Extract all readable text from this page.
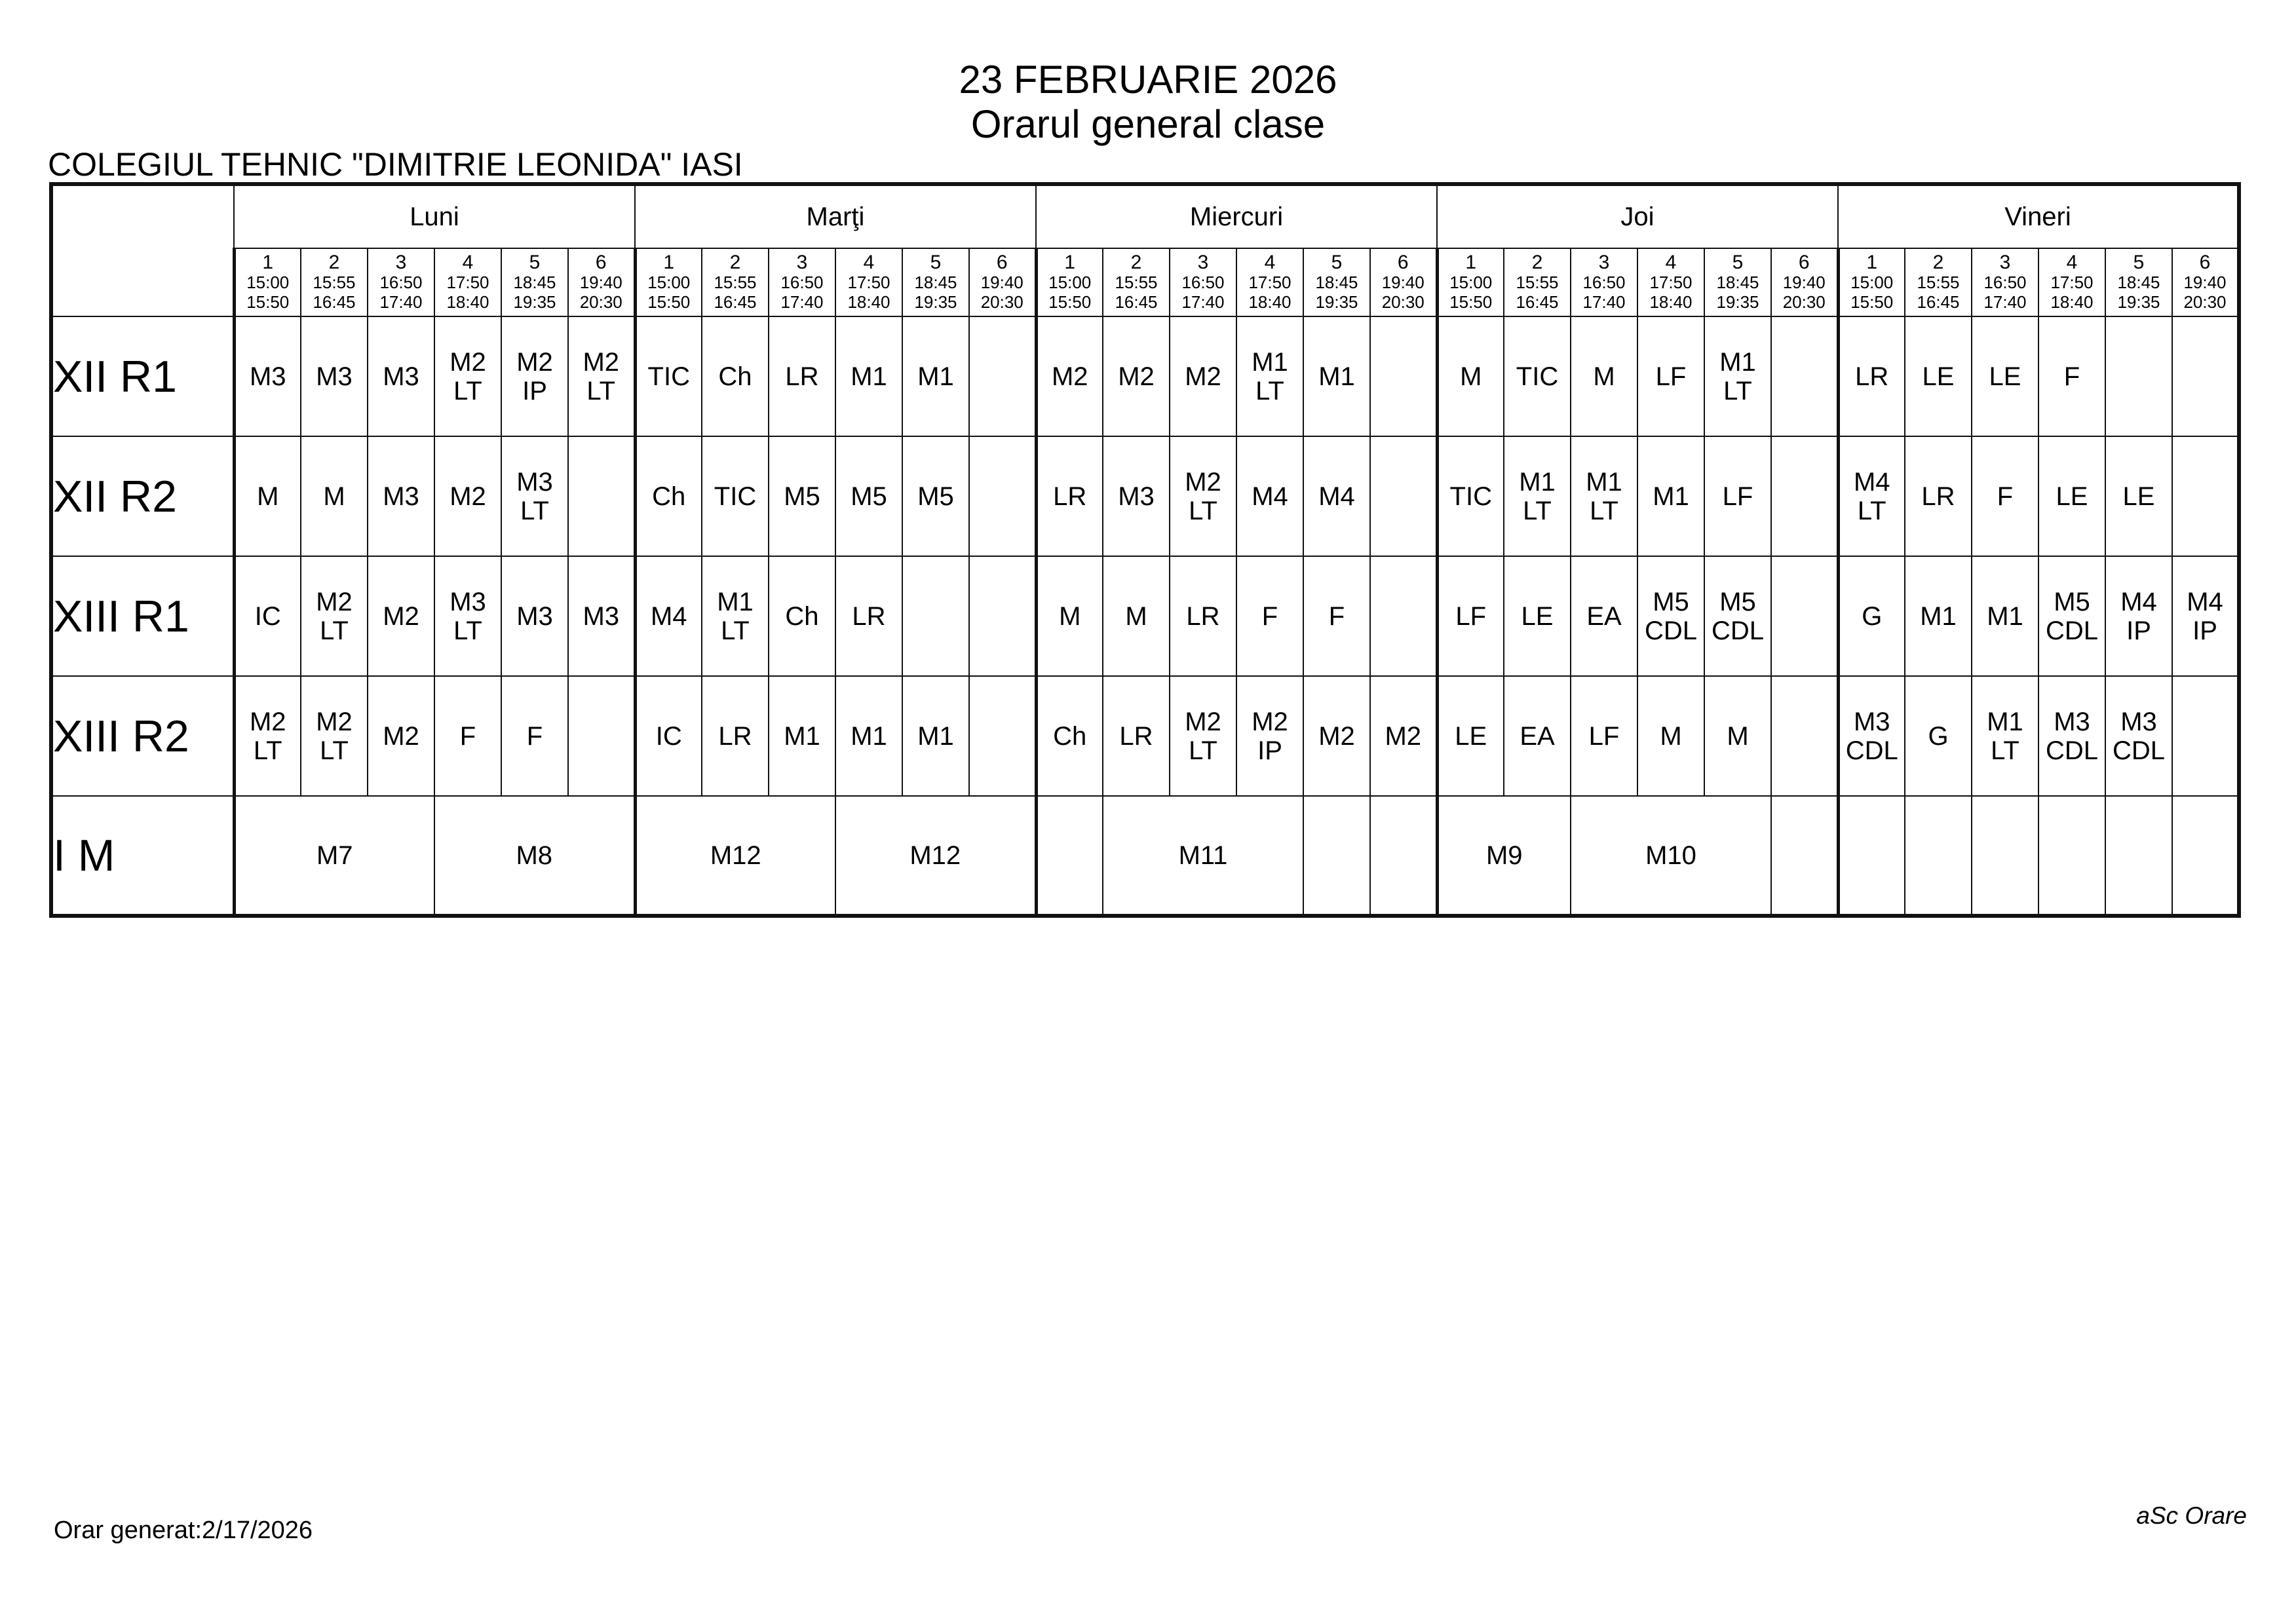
23 FEBRUARIE 2026
Orarul general clase
COLEGIUL TEHNIC "DIMITRIE LEONIDA" IASI
	Luni						Marţi						Miercuri						Joi						Vineri					

	1
15:00
15:50	2
15:55
16:45	3
16:50
17:40	4
17:50
18:40	5
18:45
19:35	6
19:40
20:30	1
15:00
15:50	2
15:55
16:45	3
16:50
17:40	4
17:50
18:40	5
18:45
19:35	6
19:40
20:30	1
15:00
15:50	2
15:55
16:45	3
16:50
17:40	4
17:50
18:40	5
18:45
19:35	6
19:40
20:30	1
15:00
15:50	2
15:55
16:45	3
16:50
17:40	4
17:50
18:40	5
18:45
19:35	6
19:40
20:30	1
15:00
15:50	2
15:55
16:45	3
16:50
17:40	4
17:50
18:40	5
18:45
19:35	6
19:40
20:30

XII R1	M3	M3	M3	M2
LT	M2
IP	M2
LT	TIC	Ch	LR	M1	M1		M2	M2	M2	M1
LT	M1		M	TIC	M	LF	M1
LT		LR	LE	LE	F		

XII R2	M	M	M3	M2	M3
LT		Ch	TIC	M5	M5	M5		LR	M3	M2
LT	M4	M4		TIC	M1
LT	M1
LT	M1	LF		M4
LT	LR	F	LE	LE	

XIII R1	IC	M2
LT	M2	M3
LT	M3	M3	M4	M1
LT	Ch	LR			M	M	LR	F	F		LF	LE	EA	M5
CDL	M5
CDL		G	M1	M1	M5
CDL	M4
IP	M4
IP

XIII R2	M2
LT	M2
LT	M2	F	F		IC	LR	M1	M1	M1		Ch	LR	M2
LT	M2
IP	M2	M2	LE	EA	LF	M	M		M3
CDL	G	M1
LT	M3
CDL	M3
CDL	

I M	M7			M8			M12			M12				M11					M9		M10									

Orar generat:2/17/2026
aSc Orare
